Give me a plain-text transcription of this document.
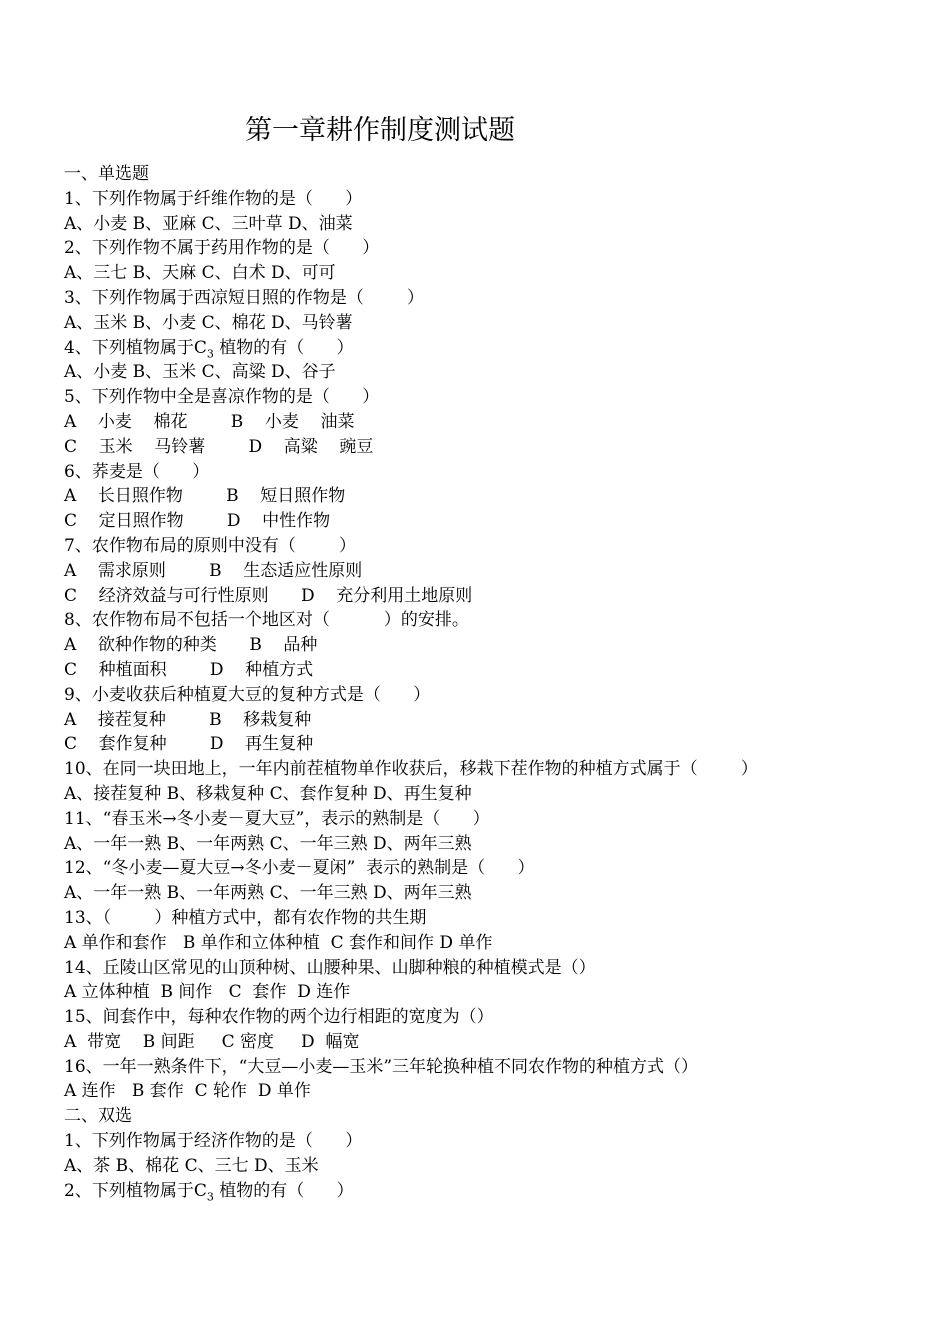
第一章耕作制度测试题
一、单选题
1、下列作物属于纤维作物的是（      ）
A、小麦 B、亚麻 C、三叶草 D、油菜
2、下列作物不属于药用作物的是（      ）
A、三七 B、天麻 C、白术 D、可可
3、下列作物属于西凉短日照的作物是（        ）
A、玉米 B、小麦 C、棉花 D、马铃薯
4、下列植物属于$C_3$ 植物的有（      ）
A、小麦 B、玉米 C、高粱 D、谷子
5、下列作物中全是喜凉作物的是（      ）
A    小麦    棉花        B    小麦    油菜
C    玉米    马铃薯        D    高粱    豌豆
6、荞麦是（      ）
A    长日照作物        B    短日照作物
C    定日照作物        D    中性作物
7、农作物布局的原则中没有（        ）
A    需求原则        B    生态适应性原则
C    经济效益与可行性原则      D    充分利用土地原则
8、农作物布局不包括一个地区对（          ）的安排。
A    欲种作物的种类      B    品种
C    种植面积        D    种植方式
9、小麦收获后种植夏大豆的复种方式是（      ）
A    接茬复种        B    移栽复种
C    套作复种        D    再生复种
10、在同一块田地上，一年内前茬植物单作收获后，移栽下茬作物的种植方式属于（        ）
A、接茬复种 B、移栽复种 C、套作复种 D、再生复种
11、“春玉米→冬小麦－夏大豆”，表示的熟制是（      ）
A、一年一熟 B、一年两熟 C、一年三熟 D、两年三熟
12、“冬小麦—夏大豆→冬小麦－夏闲”  表示的熟制是（      ）
A、一年一熟 B、一年两熟 C、一年三熟 D、两年三熟
13、（        ）种植方式中，都有农作物的共生期
A 单作和套作   B 单作和立体种植  C 套作和间作 D 单作
14、丘陵山区常见的山顶种树、山腰种果、山脚种粮的种植模式是（）
A 立体种植  B 间作   C  套作  D 连作
15、间套作中，每种农作物的两个边行相距的宽度为（）
A  带宽    B 间距     C 密度     D  幅宽
16、一年一熟条件下，“大豆—小麦—玉米”三年轮换种植不同农作物的种植方式（）
A 连作   B 套作  C 轮作  D 单作
二、双选
1、下列作物属于经济作物的是（      ）
A、茶 B、棉花 C、三七 D、玉米
2、下列植物属于$C_3$ 植物的有（      ）
